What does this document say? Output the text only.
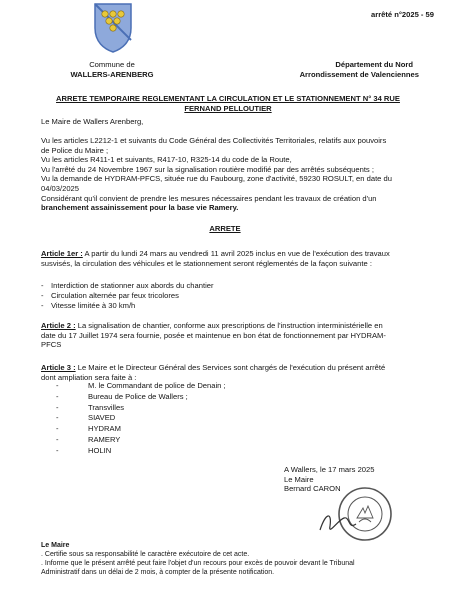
arrêté n°2025 - 59
Commune de
WALLERS-ARENBERG
Département du Nord
Arrondissement de Valenciennes
ARRETE TEMPORAIRE REGLEMENTANT LA CIRCULATION ET LE STATIONNEMENT N° 34 RUE
FERNAND PELLOUTIER
Le Maire de Wallers Arenberg,
Vu les articles L2212-1 et suivants du Code Général des Collectivités Territoriales, relatifs aux pouvoirs
de Police du Maire ;
Vu les articles R411-1 et suivants, R417-10, R325-14 du code de la Route,
Vu l'arrêté du 24 Novembre 1967 sur la signalisation routière modifié par des arrêtés subséquents ;
Vu la demande de HYDRAM-PFCS, située rue du Faubourg, zone d'activité, 59230 ROSULT, en date du
04/03/2025
Considérant qu'il convient de prendre les mesures nécessaires pendant les travaux de création d'un
branchement assainissement pour la base vie Ramery.
ARRETE
Article 1er : A partir du lundi 24 mars au vendredi 11 avril 2025 inclus en vue de l'exécution des travaux
susvisés, la circulation des véhicules et le stationnement seront réglementés de la façon suivante :
- Interdiction de stationner aux abords du chantier
- Circulation alternée par feux tricolores
- Vitesse limitée à 30 km/h
Article 2 : La signalisation de chantier, conforme aux prescriptions de l'instruction interministérielle en
date du 17 Juillet 1974 sera fournie, posée et maintenue en bon état de fonctionnement par HYDRAM-
PFCS
Article 3 : Le Maire et le Directeur Général des Services sont chargés de l'exécution du présent arrêté
dont ampliation sera faite à :
-	M. le Commandant de police de Denain ;

-	Bureau de Police de Wallers ;

-	Transvilles

-	SIAVED

-	HYDRAM

-	RAMERY

-	HOLIN

A Wallers, le 17 mars 2025
Le Maire
Bernard CARON
Le Maire
. Certifie sous sa responsabilité le caractère exécutoire de cet acte.
. Informe que le présent arrêté peut faire l'objet d'un recours pour excès de pouvoir devant le Tribunal
Administratif dans un délai de 2 mois, à compter de la présente notification.
